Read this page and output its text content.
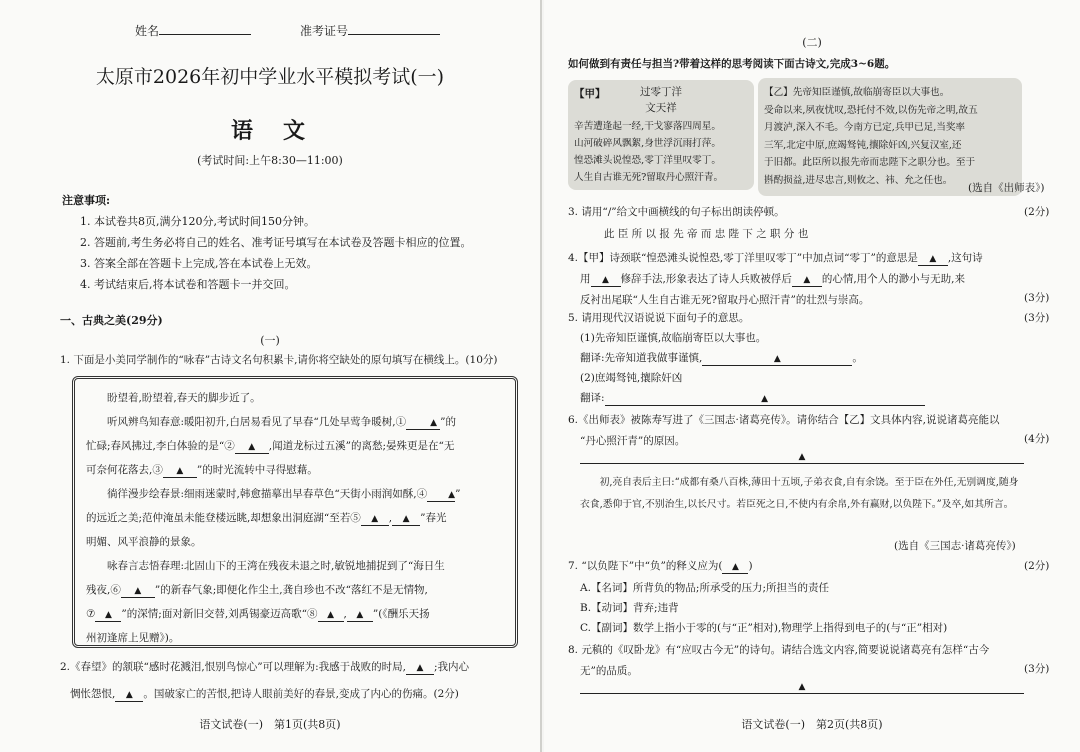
姓名	准考证号
太原市2026年初中学业水平模拟考试(一)
语　文
(考试时间:上午8:30—11:00)
注意事项:
1. 本试卷共8页,满分120分,考试时间150分钟。
2. 答题前,考生务必将自己的姓名、准考证号填写在本试卷及答题卡相应的位置。
3. 答案全部在答题卡上完成,答在本试卷上无效。
4. 考试结束后,将本试卷和答题卡一并交回。
一、古典之美(29分)
(一)
1. 下面是小美同学制作的“咏春”古诗文名句积累卡,请你将空缺处的原句填写在横线上。(10分)
盼望着,盼望着,春天的脚步近了。
听风辨鸟知春意:暖阳初升,白居易看见了早春“几处早莺争暖树,①	▲ ”的
忙碌;春风拂过,李白体验的是“② ▲ ,闻道龙标过五溪”的离愁;晏殊更是在“无
可奈何花落去,③ ▲ ”的时光流转中寻得慰藉。
徜徉漫步绘春景:细雨迷蒙时,韩愈描摹出早春草色“天街小雨润如酥,④ ▲”
的远近之美;范仲淹虽未能登楼远眺,却想象出洞庭湖“至若⑤ ▲ , ▲ ”春光
明媚、风平浪静的景象。
咏春言志悟春理:北固山下的王湾在残夜未退之时,敏锐地捕捉到了“海日生
残夜,⑥ ▲ ”的新春气象;即便化作尘土,龚自珍也不改“落红不是无情物,
⑦ ▲ ”的深情;面对新旧交替,刘禹锡豪迈高歌“⑧ ▲ , ▲ ”(《酬乐天扬
州初逢席上见赠》)。
2.《春望》的颔联“感时花溅泪,恨别鸟惊心”可以理解为:我感于战败的时局, ▲ ;我内心
惆怅怨恨, ▲ 。国破家亡的苦恨,把诗人眼前美好的春景,变成了内心的伤痛。(2分)
语文试卷(一)　第1页(共8页)
(二)
如何做到有责任与担当?带着这样的思考阅读下面古诗文,完成3~6题。
【甲】	过零丁洋
文天祥
辛苦遭逢起一经,干戈寥落四周星。
山河破碎风飘絮,身世浮沉雨打萍。
惶恐滩头说惶恐,零丁洋里叹零丁。
人生自古谁无死?留取丹心照汗青。
【乙】先帝知臣谨慎,故临崩寄臣以大事也。
受命以来,夙夜忧叹,恐托付不效,以伤先帝之明,故五
月渡泸,深入不毛。今南方已定,兵甲已足,当奖率
三军,北定中原,庶竭驽钝,攘除奸凶,兴复汉室,还
于旧都。此臣所以报先帝而忠陛下之职分也。至于
斟酌损益,进尽忠言,则攸之、祎、允之任也。
(选自《出师表》)
3. 请用“/”给文中画横线的句子标出朗读停顿。	(2分)
此 臣 所 以 报 先 帝 而 忠 陛 下 之 职 分 也
4.【甲】诗颈联“惶恐滩头说惶恐,零丁洋里叹零丁”中加点词“零丁”的意思是 ▲ ,这句诗
用 ▲ 修辞手法,形象表达了诗人兵败被俘后 ▲ 的心情,用个人的渺小与无助,来
反衬出尾联“人生自古谁无死?留取丹心照汗青”的壮烈与崇高。	(3分)
5. 请用现代汉语说说下面句子的意思。	(3分)
(1)先帝知臣谨慎,故临崩寄臣以大事也。
翻译:先帝知道我做事谨慎,	▲	。
(2)庶竭驽钝,攘除奸凶
翻译:	▲
6.《出师表》被陈寿写进了《三国志·诸葛亮传》。请你结合【乙】文具体内容,说说诸葛亮能以
“丹心照汗青”的原因。	(4分)
▲
初,亮自表后主曰:“成都有桑八百株,薄田十五顷,子弟衣食,自有余饶。至于臣在外任,无别调度,随身衣食,悉仰于官,不别治生,以长尺寸。若臣死之日,不使内有余帛,外有赢财,以负陛下。”及卒,如其所言。
(选自《三国志·诸葛亮传》)
7. “以负陛下”中“负”的释义应为( ▲ )	(2分)
A.【名词】所背负的物品;所承受的压力;所担当的责任
B.【动词】背弃;违背
C.【副词】数学上指小于零的(与“正”相对),物理学上指得到电子的(与“正”相对)
8. 元稹的《叹卧龙》有“应叹古今无”的诗句。请结合选文内容,简要说说诸葛亮有怎样“古今
无”的品质。	(3分)
▲
语文试卷(一)　第2页(共8页)
